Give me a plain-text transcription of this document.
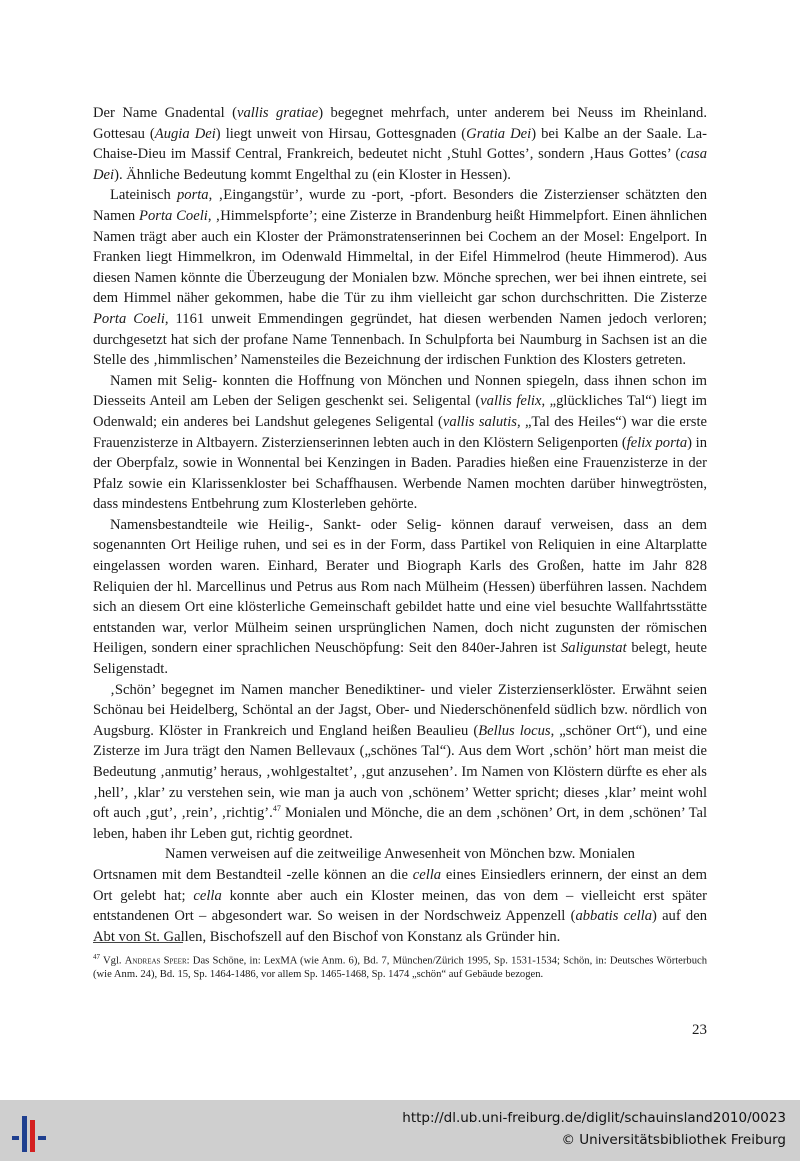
Der Name Gnadental (vallis gratiae) begegnet mehrfach, unter anderem bei Neuss im Rheinland. Gottesau (Augia Dei) liegt unweit von Hirsau, Gottesgnaden (Gratia Dei) bei Kalbe an der Saale. La-Chaise-Dieu im Massif Central, Frankreich, bedeutet nicht ‚Stuhl Gottes’, sondern ‚Haus Gottes’ (casa Dei). Ähnliche Bedeutung kommt Engelthal zu (ein Kloster in Hessen).

Lateinisch porta, ‚Eingangstür’, wurde zu -port, -pfort. Besonders die Zisterzienser schätzten den Namen Porta Coeli, ‚Himmelspforte’; eine Zisterze in Brandenburg heißt Himmelpfort. Einen ähnlichen Namen trägt aber auch ein Kloster der Prämonstratenserinnen bei Cochem an der Mosel: Engelport. In Franken liegt Himmelkron, im Odenwald Himmeltal, in der Eifel Himmelrod (heute Himmerod). Aus diesen Namen könnte die Überzeugung der Monialen bzw. Mönche sprechen, wer bei ihnen eintrete, sei dem Himmel näher gekommen, habe die Tür zu ihm vielleicht gar schon durchschritten. Die Zisterze Porta Coeli, 1161 unweit Emmendingen gegründet, hat diesen werbenden Namen jedoch verloren; durchgesetzt hat sich der profane Name Tennenbach. In Schulpforta bei Naumburg in Sachsen ist an die Stelle des ‚himmlischen’ Namensteiles die Bezeichnung der irdischen Funktion des Klosters getreten.

Namen mit Selig- konnten die Hoffnung von Mönchen und Nonnen spiegeln, dass ihnen schon im Diesseits Anteil am Leben der Seligen geschenkt sei. Seligental (vallis felix, „glückliches Tal“) liegt im Odenwald; ein anderes bei Landshut gelegenes Seligental (vallis salutis, „Tal des Heiles“) war die erste Frauenzisterze in Altbayern. Zisterzienserinnen lebten auch in den Klöstern Seligenporten (felix porta) in der Oberpfalz, sowie in Wonnental bei Kenzingen in Baden. Paradies hießen eine Frauenzisterze in der Pfalz sowie ein Klarissenkloster bei Schaffhausen. Werbende Namen mochten darüber hinwegtrösten, dass mindestens Entbehrung zum Klosterleben gehörte.

Namensbestandteile wie Heilig-, Sankt- oder Selig- können darauf verweisen, dass an dem sogenannten Ort Heilige ruhen, und sei es in der Form, dass Partikel von Reliquien in eine Altarplatte eingelassen worden waren. Einhard, Berater und Biograph Karls des Großen, hatte im Jahr 828 Reliquien der hl. Marcellinus und Petrus aus Rom nach Mülheim (Hessen) überführen lassen. Nachdem sich an diesem Ort eine klösterliche Gemeinschaft gebildet hatte und eine viel besuchte Wallfahrtsstätte entstanden war, verlor Mülheim seinen ursprünglichen Namen, doch nicht zugunsten der römischen Heiligen, sondern einer sprachlichen Neuschöpfung: Seit den 840er-Jahren ist Saligunstat belegt, heute Seligenstadt.

‚Schön’ begegnet im Namen mancher Benediktiner- und vieler Zisterzienserklöster. Erwähnt seien Schönau bei Heidelberg, Schöntal an der Jagst, Ober- und Niederschönenfeld südlich bzw. nördlich von Augsburg. Klöster in Frankreich und England heißen Beaulieu (Bellus locus, „schöner Ort“), und eine Zisterze im Jura trägt den Namen Bellevaux („schönes Tal“). Aus dem Wort ‚schön’ hört man meist die Bedeutung ‚anmutig’ heraus, ‚wohlgestaltet’, ‚gut anzusehen’. Im Namen von Klöstern dürfte es eher als ‚hell’, ‚klar’ zu verstehen sein, wie man ja auch von ‚schönem’ Wetter spricht; dieses ‚klar’ meint wohl oft auch ‚gut’, ‚rein’, ‚richtig’.$^{47}$ Monialen und Mönche, die an dem ‚schönen’ Ort, in dem ‚schönen’ Tal leben, haben ihr Leben gut, richtig geordnet.

Namen verweisen auf die zeitweilige Anwesenheit von Mönchen bzw. Monialen

Ortsnamen mit dem Bestandteil -zelle können an die cella eines Einsiedlers erinnern, der einst an dem Ort gelebt hat; cella konnte aber auch ein Kloster meinen, das von dem – vielleicht erst später entstandenen Ort – abgesondert war. So weisen in der Nordschweiz Appenzell (abbatis cella) auf den Abt von St. Gallen, Bischofszell auf den Bischof von Konstanz als Gründer hin.

$^{47}$ Vgl. Andreas Speer: Das Schöne, in: LexMA (wie Anm. 6), Bd. 7, München/Zürich 1995, Sp. 1531-1534; Schön, in: Deutsches Wörterbuch (wie Anm. 24), Bd. 15, Sp. 1464-1486, vor allem Sp. 1465-1468, Sp. 1474 „schön“ auf Gebäude bezogen.
23
http://dl.ub.uni-freiburg.de/diglit/schauinsland2010/0023
© Universitätsbibliothek Freiburg
